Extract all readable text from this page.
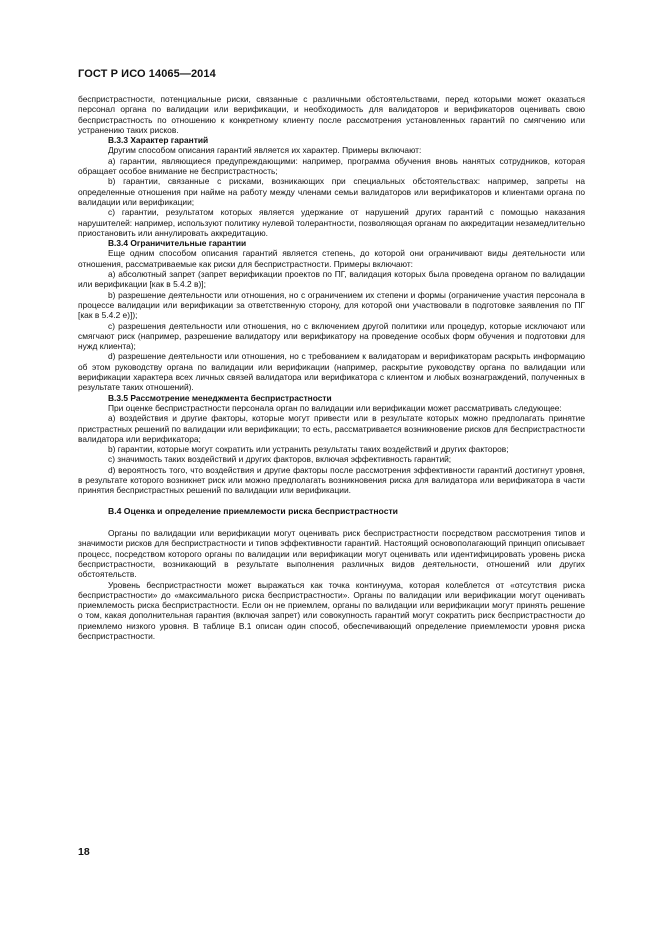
ГОСТ Р ИСО 14065—2014

беспристрастности, потенциальные риски, связанные с различными обстоятельствами, перед которыми может оказаться персонал органа по валидации или верификации, и необходимость для валидаторов и верификаторов оценивать свою беспристрастность по отношению к конкретному клиенту после рассмотрения установленных гарантий по смягчению или устранению таких рисков.

В.3.3 Характер гарантий

Другим способом описания гарантий является их характер. Примеры включают:

a) гарантии, являющиеся предупреждающими: например, программа обучения вновь нанятых сотрудников, которая обращает особое внимание не беспристрастность;

b) гарантии, связанные с рисками, возникающих при специальных обстоятельствах: например, запреты на определенные отношения при найме на работу между членами семьи валидаторов или верификаторов и клиентами органа по валидации или верификации;

c) гарантии, результатом которых является удержание от нарушений других гарантий с помощью наказания нарушителей: например, используют политику нулевой толерантности, позволяющая органам по аккредитации незамедлительно приостановить или аннулировать аккредитацию.

В.3.4 Ограничительные гарантии

Еще одним способом описания гарантий является степень, до которой они ограничивают виды деятельности или отношения, рассматриваемые как риски для беспристрастности. Примеры включают:

a) абсолютный запрет (запрет верификации проектов по ПГ, валидация которых была проведена органом по валидации или верификации [как в 5.4.2 в)];

b) разрешение деятельности или отношения, но с ограничением их степени и формы (ограничение участия персонала в процессе валидации или верификации за ответственную сторону, для которой они участвовали в подготовке заявления по ПГ [как в 5.4.2 е)]);

c) разрешения деятельности или отношения, но с включением другой политики или процедур, которые исключают или смягчают риск (например, разрешение валидатору или верификатору на проведение особых форм обучения и подготовки для нужд клиента);

d) разрешение деятельности или отношения, но с требованием к валидаторам и верификаторам раскрыть информацию об этом руководству органа по валидации или верификации (например, раскрытие руководству органа по валидации или верификации характера всех личных связей валидатора или верификатора с клиентом и любых вознаграждений, полученных в результате таких отношений).

В.3.5 Рассмотрение менеджмента беспристрастности

При оценке беспристрастности персонала орган по валидации или верификации может рассматривать следующее:

a) воздействия и другие факторы, которые могут привести или в результате которых можно предполагать принятие пристрастных решений по валидации или верификации; то есть, рассматривается возникновение рисков для беспристрастности валидатора или верификатора;

b) гарантии, которые могут сократить или устранить результаты таких воздействий и других факторов;

c) значимость таких воздействий и других факторов, включая эффективность гарантий;

d) вероятность того, что воздействия и другие факторы после рассмотрения эффективности гарантий достигнут уровня, в результате которого возникнет риск или можно предполагать возникновения риска для валидатора или верификатора в части принятия беспристрастных решений по валидации или верификации.

В.4 Оценка и определение приемлемости риска беспристрастности

Органы по валидации или верификации могут оценивать риск беспристрастности посредством рассмотрения типов и значимости рисков для беспристрастности и типов эффективности гарантий. Настоящий основополагающий принцип описывает процесс, посредством которого органы по валидации или верификации могут оценивать или идентифицировать уровень риска беспристрастности, возникающий в результате выполнения различных видов деятельности, отношений или других обстоятельств.

Уровень беспристрастности может выражаться как точка континуума, которая колеблется от «отсутствия риска беспристрастности» до «максимального риска беспристрастности». Органы по валидации или верификации могут оценивать приемлемость риска беспристрастности. Если он не приемлем, органы по валидации или верификации могут принять решение о том, какая дополнительная гарантия (включая запрет) или совокупность гарантий могут сократить риск беспристрастности до приемлемо низкого уровня. В таблице В.1 описан один способ, обеспечивающий определение приемлемости уровня риска беспристрастности.

18
